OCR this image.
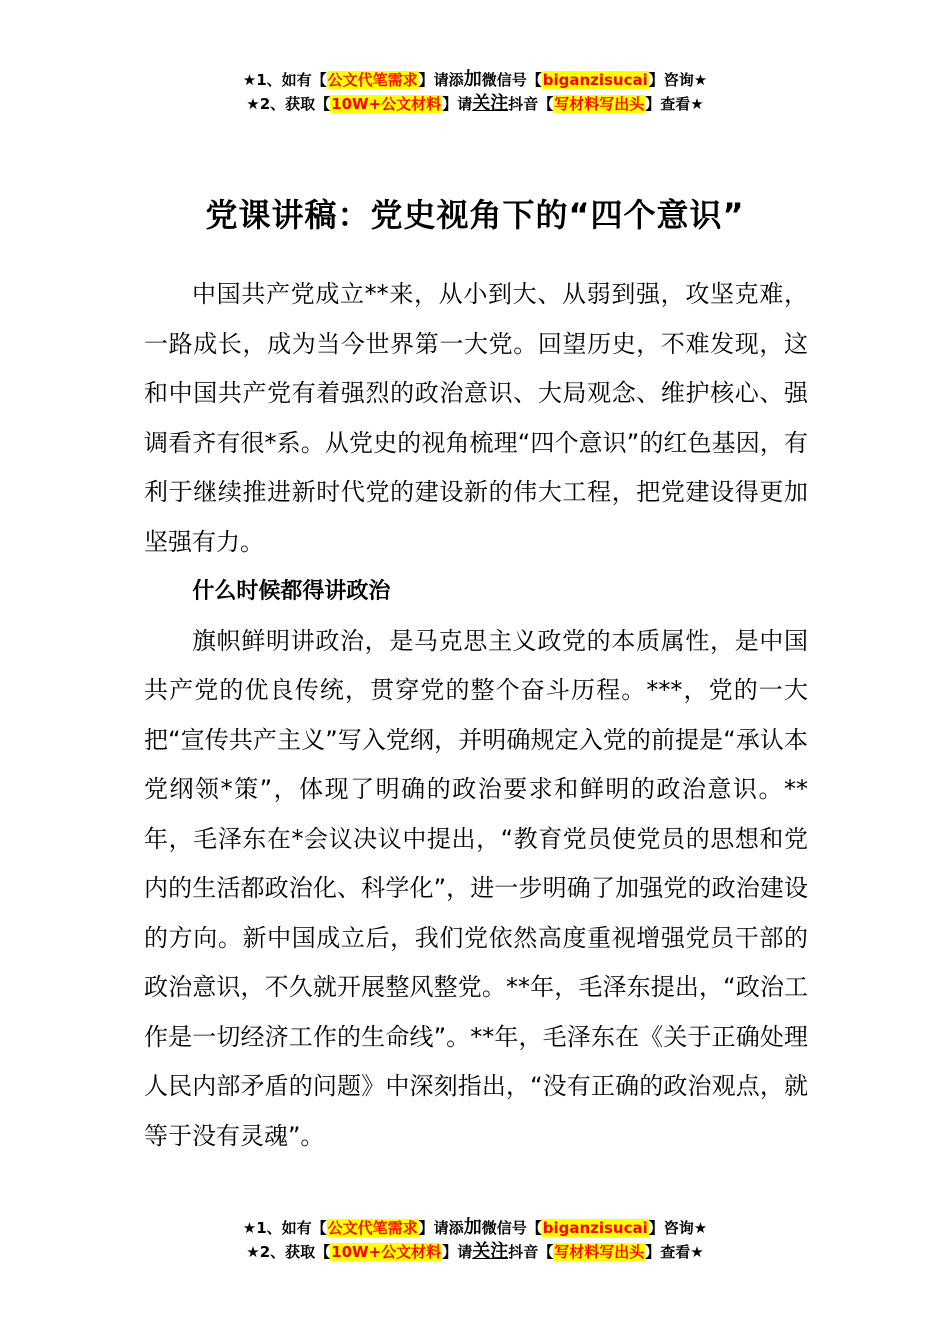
★1、如有【公文代笔需求】请添加微信号【biganzisucai】咨询★
★2、获取【10W+公文材料】请关注抖音【写材料写出头】查看★
党课讲稿：党史视角下的“四个意识”

中国共产党成立**来，从小到大、从弱到强，攻坚克难，一路成长，成为当今世界第一大党。回望历史，不难发现，这和中国共产党有着强烈的政治意识、大局观念、维护核心、强调看齐有很*系。从党史的视角梳理“四个意识”的红色基因，有利于继续推进新时代党的建设新的伟大工程，把党建设得更加坚强有力。

什么时候都得讲政治

旗帜鲜明讲政治，是马克思主义政党的本质属性，是中国共产党的优良传统，贯穿党的整个奋斗历程。***，党的一大把“宣传共产主义”写入党纲，并明确规定入党的前提是“承认本党纲领*策”，体现了明确的政治要求和鲜明的政治意识。**年，毛泽东在*会议决议中提出，“教育党员使党员的思想和党内的生活都政治化、科学化”，进一步明确了加强党的政治建设的方向。新中国成立后，我们党依然高度重视增强党员干部的政治意识，不久就开展整风整党。**年，毛泽东提出，“政治工作是一切经济工作的生命线”。**年，毛泽东在《关于正确处理人民内部矛盾的问题》中深刻指出，“没有正确的政治观点，就等于没有灵魂”。

★1、如有【公文代笔需求】请添加微信号【biganzisucai】咨询★
★2、获取【10W+公文材料】请关注抖音【写材料写出头】查看★
